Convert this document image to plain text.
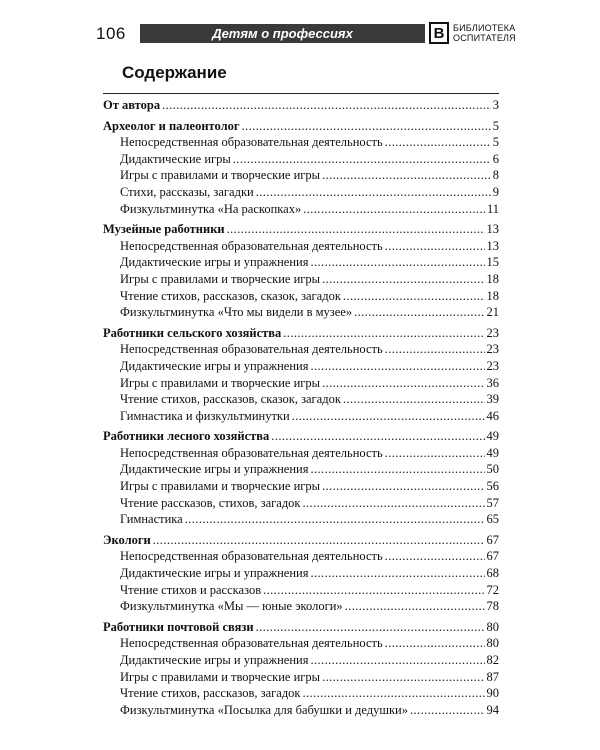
106	Детям о профессиях	В БИБЛИОТЕКА
ОСПИТАТЕЛЯ
Содержание
От автора .....	3
Археолог и палеонтолог .....	5
Непосредственная образовательная деятельность .....	5
Дидактические игры .....	6
Игры с правилами и творческие игры .....	8
Стихи, рассказы, загадки .....	9
Физкультминутка «На раскопках» .....	11
Музейные работники .....	13
Непосредственная образовательная деятельность .....	13
Дидактические игры и упражнения .....	15
Игры с правилами и творческие игры .....	18
Чтение стихов, рассказов, сказок, загадок .....	18
Физкультминутка «Что мы видели в музее» .....	21
Работники сельского хозяйства .....	23
Непосредственная образовательная деятельность .....	23
Дидактические игры и упражнения .....	23
Игры с правилами и творческие игры .....	36
Чтение стихов, рассказов, сказок, загадок .....	39
Гимнастика и физкультминутки .....	46
Работники лесного хозяйства .....	49
Непосредственная образовательная деятельность .....	49
Дидактические игры и упражнения .....	50
Игры с правилами и творческие игры .....	56
Чтение рассказов, стихов, загадок .....	57
Гимнастика .....	65
Экологи .....	67
Непосредственная образовательная деятельность .....	67
Дидактические игры и упражнения .....	68
Чтение стихов и рассказов .....	72
Физкультминутка «Мы — юные экологи» .....	78
Работники почтовой связи .....	80
Непосредственная образовательная деятельность .....	80
Дидактические игры и упражнения .....	82
Игры с правилами и творческие игры .....	87
Чтение стихов, рассказов, загадок .....	90
Физкультминутка «Посылка для бабушки и дедушки» .....	94
